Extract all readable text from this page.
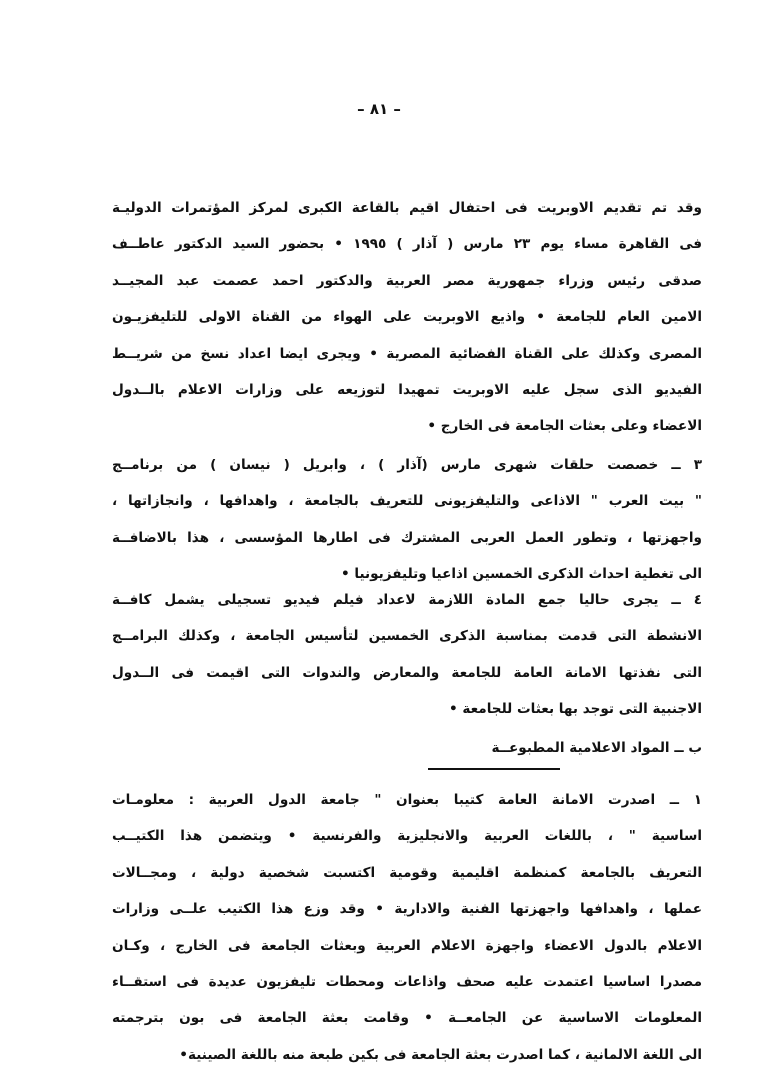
– ٨١ –
وقد تم تقديم الاوبريت فى احتفال اقيم بالقاعة الكبرى لمركز المؤتمرات الدوليـة
فى القاهرة مساء يوم ٢٣ مارس ( آذار ) ١٩٩٥ • بحضور السيد الدكتور عاطــف
صدقى رئيس وزراء جمهورية مصر العربية والدكتور احمد عصمت عبد المجيــد
الامين العام للجامعة • واذيع الاوبريت على الهواء من القناة الاولى للتليفزيـون
المصرى وكذلك على القناة الفضائية المصرية • ويجرى ايضا اعداد نسخ من شريــط
الفيديو الذى سجل عليه الاوبريت تمهيدا لتوزيعه على وزارات الاعلام بالــدول
الاعضاء وعلى بعثات الجامعة فى الخارج •
٣ ــ خصصت حلقات شهرى مارس (آذار ) ، وابريل ( نيسان ) من برنامــج
" بيت العرب " الاذاعى والتليفزيونى للتعريف بالجامعة ، واهدافها ، وانجازاتها ،
واجهزتها ، وتطور العمل العربى المشترك فى اطارها المؤسسى ، هذا بالاضافــة
الى تغطية احداث الذكرى الخمسين اذاعيا وتليفزيونيا •
٤ ــ يجرى حاليا جمع المادة اللازمة لاعداد فيلم فيديو تسجيلى يشمل كافــة
الانشطة التى قدمت بمناسبة الذكرى الخمسين لتأسيس الجامعة ، وكذلك البرامــج
التى نفذتها الامانة العامة للجامعة والمعارض والندوات التى اقيمت فى الــدول
الاجنبية التى توجد بها بعثات للجامعة •
ب ــ المواد الاعلامية المطبوعــة
١ ــ اصدرت الامانة العامة كتيبا بعنوان " جامعة الدول العربية : معلومـات
اساسية " ، باللغات العربية والانجليزية والفرنسية • ويتضمن هذا الكتيــب
التعريف بالجامعة كمنظمة اقليمية وقومية اكتسبت شخصية دولية ، ومجــالات
عملها ، واهدافها واجهزتها الفنية والادارية • وقد وزع هذا الكتيب علــى وزارات
الاعلام بالدول الاعضاء واجهزة الاعلام العربية وبعثات الجامعة فى الخارج ، وكـان
مصدرا اساسيا اعتمدت عليه صحف واذاعات ومحطات تليفزيون عديدة فى استقــاء
المعلومات الاساسية عن الجامعــة • وقامت بعثة الجامعة فى بون بترجمته
الى اللغة الالمانية ، كما اصدرت بعثة الجامعة فى بكين طبعة منه باللغة الصينية•
